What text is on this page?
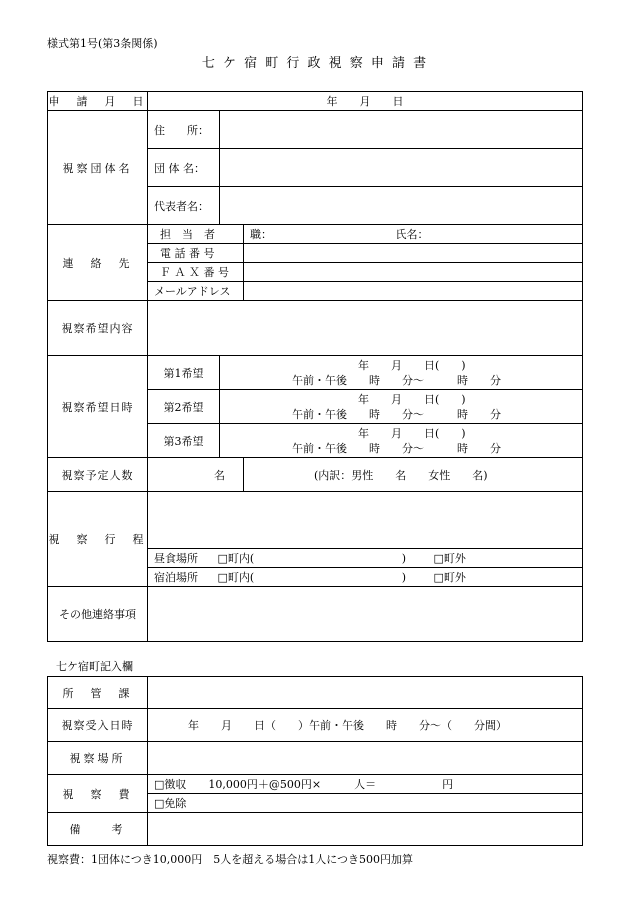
様式第1号(第3条関係)
七 ケ 宿 町 行 政 視 察 申 請 書
申　請　月　日	年　　月　　日		
視察団体名	住　　所：		
	団 体 名：		
	代表者名：		
連　絡　先	担　当　者		職： 氏名：
	電 話 番 号		
	Ｆ Ａ Ｘ 番 号		
	メールアドレス		
視察希望内容			
視察希望日時	第1希望	年　　月　　日(　　)
午前・午後　　時　　分～　　　時　　分	

	第2希望	年　　月　　日(　　)
午前・午後　　時　　分～　　　時　　分	

	第3希望	年　　月　　日(　　)
午前・午後　　時　　分～　　　時　　分	

視察予定人数	名		(内訳：男性　　名　　女性　　名)
視　察　行　程			
	昼食場所 □町内( ) □町外		
	宿泊場所 □町内( ) □町外		
その他連絡事項			
七ケ宿町記入欄
所　管　課	
視察受入日時	年　　月　　日（　　）午前・午後　　時　　分～（　　分間）
視察場所	
視　察　費	□徴収　　10,000円＋@500円×　　　人＝　　　　　　円
	□免除
備　　考	
視察費：1団体につき10,000円　5人を超える場合は1人につき500円加算
